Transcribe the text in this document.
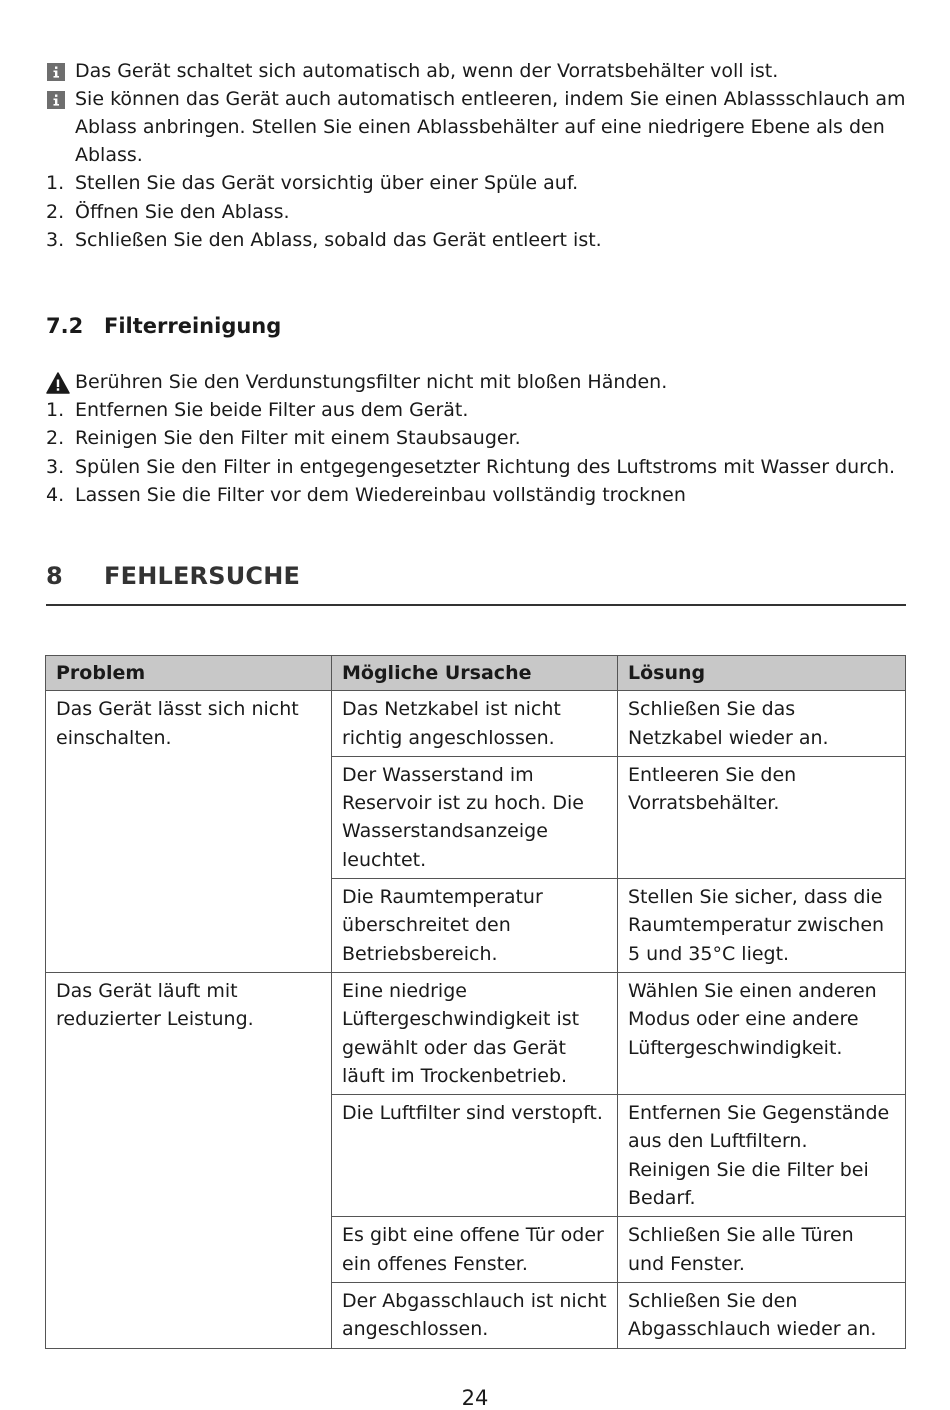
Das Gerät schaltet sich automatisch ab, wenn der Vorratsbehälter voll ist.
Sie können das Gerät auch automatisch entleeren, indem Sie einen Ablassschlauch am
Ablass anbringen. Stellen Sie einen Ablassbehälter auf eine niedrigere Ebene als den
Ablass.
1. Stellen Sie das Gerät vorsichtig über einer Spüle auf.
2. Öffnen Sie den Ablass.
3. Schließen Sie den Ablass, sobald das Gerät entleert ist.
7.2 Filterreinigung
Berühren Sie den Verdunstungsfilter nicht mit bloßen Händen.
1. Entfernen Sie beide Filter aus dem Gerät.
2. Reinigen Sie den Filter mit einem Staubsauger.
3. Spülen Sie den Filter in entgegengesetzter Richtung des Luftstroms mit Wasser durch.
4. Lassen Sie die Filter vor dem Wiedereinbau vollständig trocknen
8 FEHLERSUCHE
Problem	Mögliche Ursache	Lösung
Das Gerät lässt sich nicht einschalten.	Das Netzkabel ist nicht richtig angeschlossen.	Schließen Sie das Netzkabel wieder an.
	Der Wasserstand im Reservoir ist zu hoch. Die Wasserstandsanzeige leuchtet.	Entleeren Sie den Vorratsbehälter.
	Die Raumtemperatur überschreitet den Betriebsbereich.	Stellen Sie sicher, dass die Raumtemperatur zwischen 5 und 35°C liegt.
Das Gerät läuft mit reduzierter Leistung.	Eine niedrige Lüftergeschwindigkeit ist gewählt oder das Gerät läuft im Trockenbetrieb.	Wählen Sie einen anderen Modus oder eine andere Lüftergeschwindigkeit.
	Die Luftfilter sind verstopft.	Entfernen Sie Gegenstände aus den Luftfiltern. Reinigen Sie die Filter bei Bedarf.
	Es gibt eine offene Tür oder ein offenes Fenster.	Schließen Sie alle Türen und Fenster.
	Der Abgasschlauch ist nicht angeschlossen.	Schließen Sie den Abgasschlauch wieder an.
24
